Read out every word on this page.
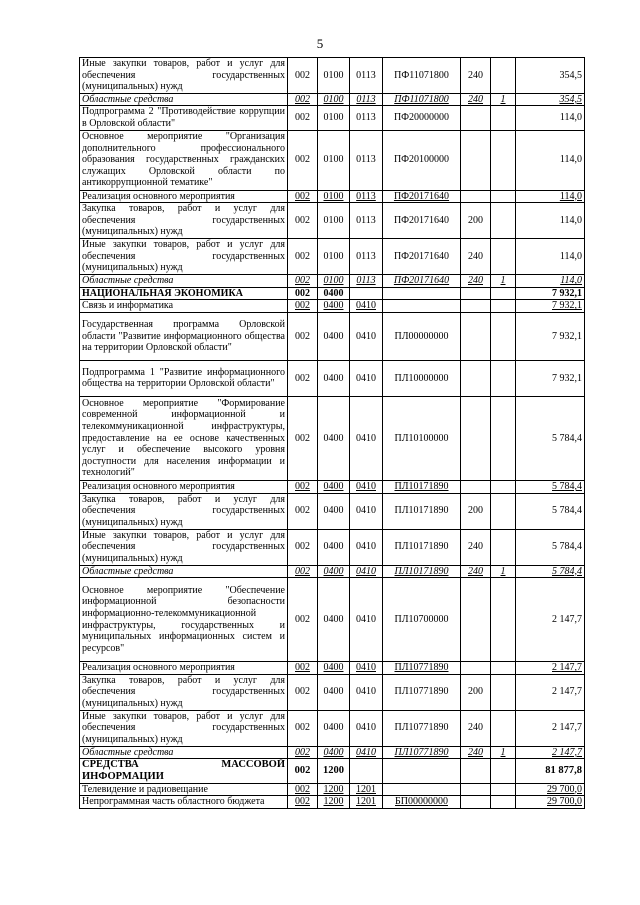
5
Иные закупки товаров, работ и услуг для обеспечения государственных (муниципальных) нужд	002	0100	0113	ПФ11071800	240		354,5
Областные средства	002	0100	0113	ПФ11071800	240	1	354,5
Подпрограмма 2 "Противодействие коррупции в Орловской области"	002	0100	0113	ПФ20000000			114,0
Основное мероприятие "Организация дополнительного профессионального образования государственных гражданских служащих Орловской области по антикоррупционной тематике"	002	0100	0113	ПФ20100000			114,0
Реализация основного мероприятия	002	0100	0113	ПФ20171640			114,0
Закупка товаров, работ и услуг для обеспечения государственных (муниципальных) нужд	002	0100	0113	ПФ20171640	200		114,0
Иные закупки товаров, работ и услуг для обеспечения государственных (муниципальных) нужд	002	0100	0113	ПФ20171640	240		114,0
Областные средства	002	0100	0113	ПФ20171640	240	1	114,0
НАЦИОНАЛЬНАЯ ЭКОНОМИКА	002	0400					7 932,1
Связь и информатика	002	0400	0410				7 932,1
Государственная программа Орловской области "Развитие информационного общества на территории Орловской области"	002	0400	0410	ПЛ00000000			7 932,1
Подпрограмма 1 "Развитие информационного общества на территории Орловской области"	002	0400	0410	ПЛ10000000			7 932,1
Основное мероприятие "Формирование современной информационной и телекоммуникационной инфраструктуры, предоставление на ее основе качественных услуг и обеспечение высокого уровня доступности для населения информации и технологий"	002	0400	0410	ПЛ10100000			5 784,4
Реализация основного мероприятия	002	0400	0410	ПЛ10171890			5 784,4
Закупка товаров, работ и услуг для обеспечения государственных (муниципальных) нужд	002	0400	0410	ПЛ10171890	200		5 784,4
Иные закупки товаров, работ и услуг для обеспечения государственных (муниципальных) нужд	002	0400	0410	ПЛ10171890	240		5 784,4
Областные средства	002	0400	0410	ПЛ10171890	240	1	5 784,4
Основное мероприятие "Обеспечение информационной безопасности информационно-телекоммуникационной инфраструктуры, государственных и муниципальных информационных систем и ресурсов"	002	0400	0410	ПЛ10700000			2 147,7
Реализация основного мероприятия	002	0400	0410	ПЛ10771890			2 147,7
Закупка товаров, работ и услуг для обеспечения государственных (муниципальных) нужд	002	0400	0410	ПЛ10771890	200		2 147,7
Иные закупки товаров, работ и услуг для обеспечения государственных (муниципальных) нужд	002	0400	0410	ПЛ10771890	240		2 147,7
Областные средства	002	0400	0410	ПЛ10771890	240	1	2 147,7
СРЕДСТВА МАССОВОЙ ИНФОРМАЦИИ	002	1200					81 877,8
Телевидение и радиовещание	002	1200	1201				29 700,0
Непрограммная часть областного бюджета	002	1200	1201	БП00000000			29 700,0
